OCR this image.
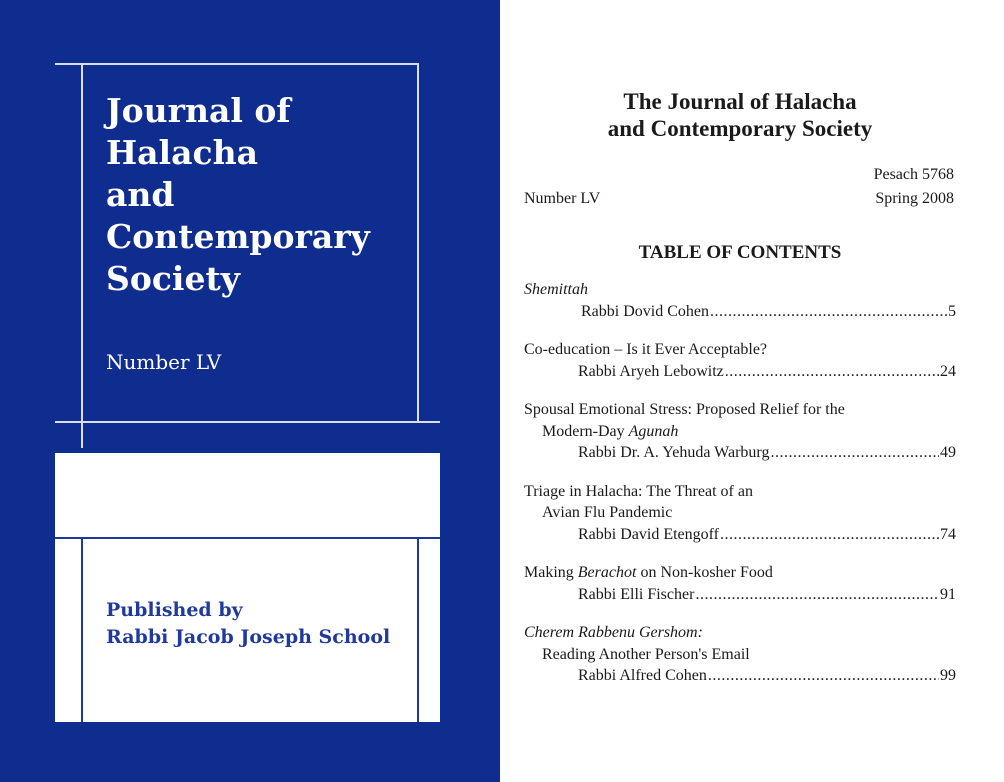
Journal of
Halacha
and
Contemporary
Society
Number LV
Published by
Rabbi Jacob Joseph School
The Journal of Halacha
and Contemporary Society
Pesach 5768
Number LV	Spring 2008
TABLE OF CONTENTS
Shemittah
Rabbi Dovid Cohen .....	5
Co-education – Is it Ever Acceptable?
Rabbi Aryeh Lebowitz .....	24
Spousal Emotional Stress: Proposed Relief for the
Modern-Day Agunah
Rabbi Dr. A. Yehuda Warburg .....	49
Triage in Halacha: The Threat of an
Avian Flu Pandemic
Rabbi David Etengoff .....	74
Making Berachot on Non-kosher Food
Rabbi Elli Fischer .....	91
Cherem Rabbenu Gershom:
Reading Another Person's Email
Rabbi Alfred Cohen .....	99
